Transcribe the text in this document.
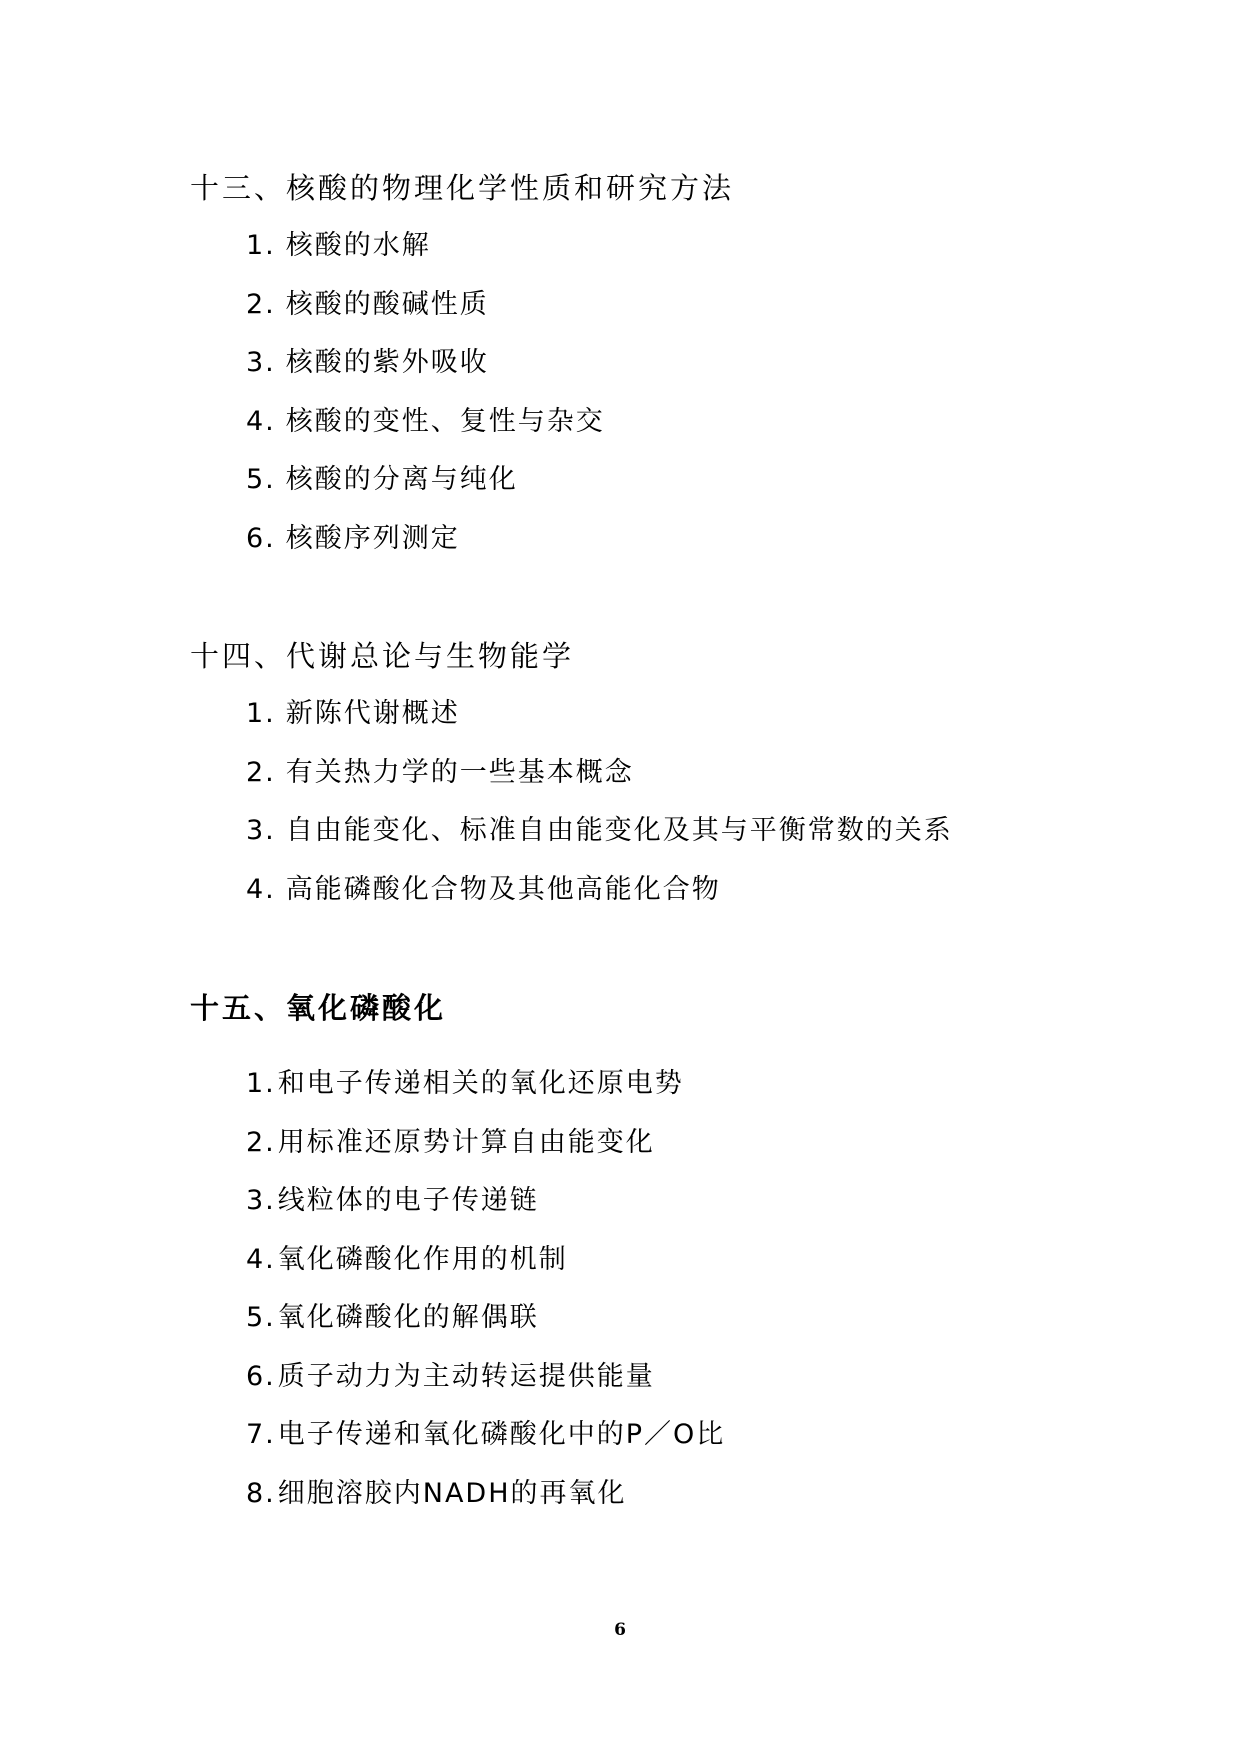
十三、核酸的物理化学性质和研究方法
1. 核酸的水解
2. 核酸的酸碱性质
3. 核酸的紫外吸收
4. 核酸的变性、复性与杂交
5. 核酸的分离与纯化
6. 核酸序列测定
十四、代谢总论与生物能学
1. 新陈代谢概述
2. 有关热力学的一些基本概念
3. 自由能变化、标准自由能变化及其与平衡常数的关系
4. 高能磷酸化合物及其他高能化合物
十五、氧化磷酸化
1.和电子传递相关的氧化还原电势
2.用标准还原势计算自由能变化
3.线粒体的电子传递链
4.氧化磷酸化作用的机制
5.氧化磷酸化的解偶联
6.质子动力为主动转运提供能量
7.电子传递和氧化磷酸化中的P／O比
8.细胞溶胶内NADH的再氧化
6
